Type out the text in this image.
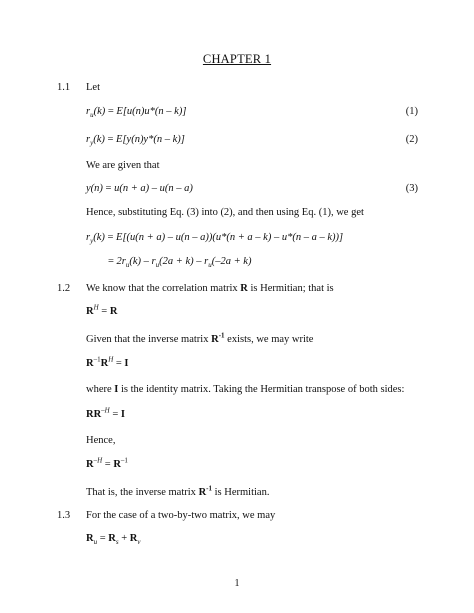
CHAPTER 1
1.1 Let
$r_u(k) = E[u(n)u*(n - k)]$	(1)
$r_y(k) = E[y(n)y*(n - k)]$	(2)
We are given that
y(n) = u(n + a) – u(n – a)	(3)
Hence, substituting Eq. (3) into (2), and then using Eq. (1), we get
$r_y(k) = E[(u(n + a) - u(n - a))(u*(n + a - k) - u*(n - a - k))]$
= $2r_u(k) - r_u(2a + k) - r_u(-2a + k)$
1.2 We know that the correlation matrix R is Hermitian; that is
$R^H = R$
Given that the inverse matrix $R^{-1}$ exists, we may write
$R^{-1}R^H = I$
where I is the identity matrix. Taking the Hermitian transpose of both sides:
$RR^{-H} = I$
Hence,
$R^{-H} = R^{-1}$
That is, the inverse matrix $R^{-1}$ is Hermitian.
1.3 For the case of a two-by-two matrix, we may
$R_u = R_s + R_v$
1
